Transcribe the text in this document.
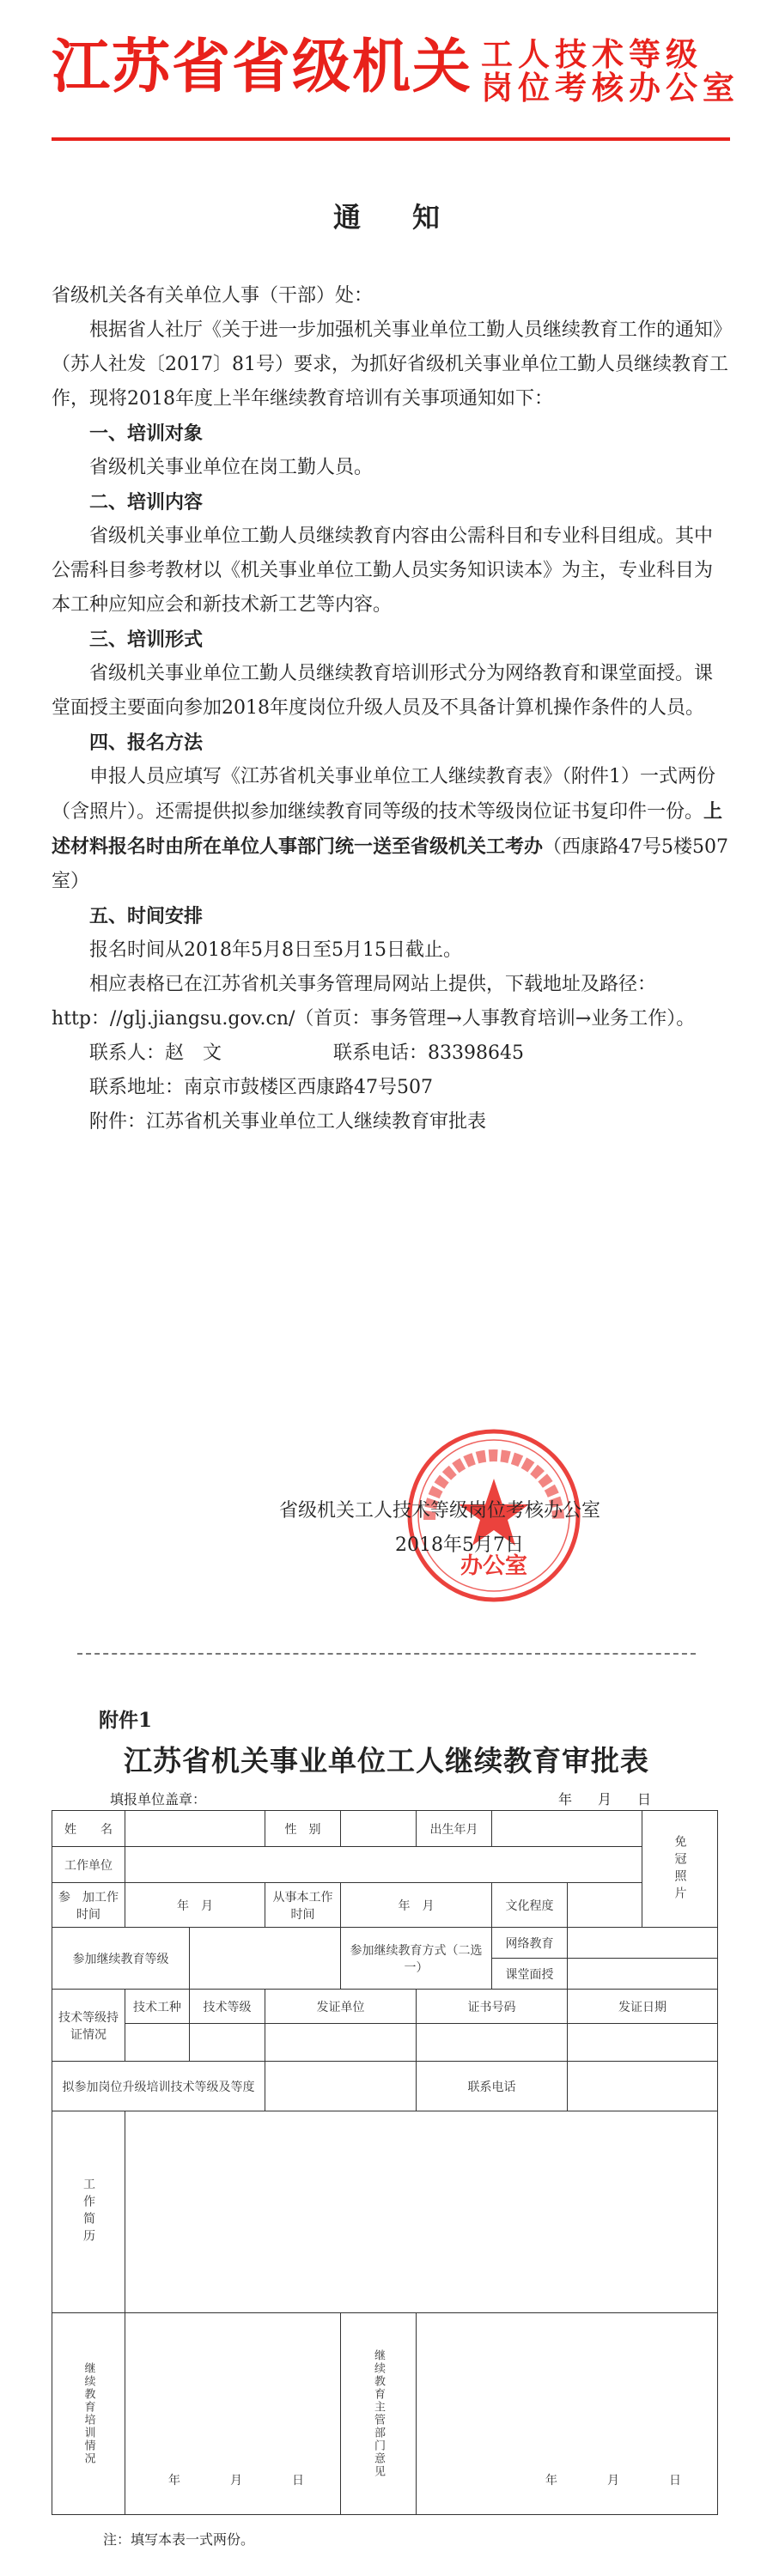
江苏省省级机关 工人技术等级
岗位考核办公室
通知

省级机关各有关单位人事（干部）处：

根据省人社厅《关于进一步加强机关事业单位工勤人员继续教育工作的通知》（苏人社发〔2017〕81号）要求，为抓好省级机关事业单位工勤人员继续教育工作，现将2018年度上半年继续教育培训有关事项通知如下：

一、培训对象

省级机关事业单位在岗工勤人员。

二、培训内容

省级机关事业单位工勤人员继续教育内容由公需科目和专业科目组成。其中公需科目参考教材以《机关事业单位工勤人员实务知识读本》为主，专业科目为本工种应知应会和新技术新工艺等内容。

三、培训形式

省级机关事业单位工勤人员继续教育培训形式分为网络教育和课堂面授。课堂面授主要面向参加2018年度岗位升级人员及不具备计算机操作条件的人员。

四、报名方法

申报人员应填写《江苏省机关事业单位工人继续教育表》（附件1）一式两份（含照片）。还需提供拟参加继续教育同等级的技术等级岗位证书复印件一份。上述材料报名时由所在单位人事部门统一送至省级机关工考办（西康路47号5楼507室）

五、时间安排

报名时间从2018年5月8日至5月15日截止。

相应表格已在江苏省机关事务管理局网站上提供，下载地址及路径：http：//glj.jiangsu.gov.cn/（首页：事务管理→人事教育培训→业务工作）。

联系人：赵　文	联系电话：83398645

联系地址：南京市鼓楼区西康路47号507

附件：江苏省机关事业单位工人继续教育审批表

办公室
省级机关工人技术等级岗位考核办公室
2018年5月7日
附件1
江苏省机关事业单位工人继续教育审批表
填报单位盖章：	年月日
姓　　名			性　别		出生年月			免冠照片

工作单位								
参　加工作时间	年　月		从事本工作时间	年　月		文化程度		
参加继续教育等级				参加继续教育方式（二选一）		网络教育		
						课堂面授		
技术等级持证情况	技术工种	技术等级	发证单位		证书号码		发证日期	

拟参加岗位升级培训技术等级及等度					联系电话			

工作简历								

继续教育培训情况	年　月　日			继续教育主管部门意见	年　月　日			
注：填写本表一式两份。
